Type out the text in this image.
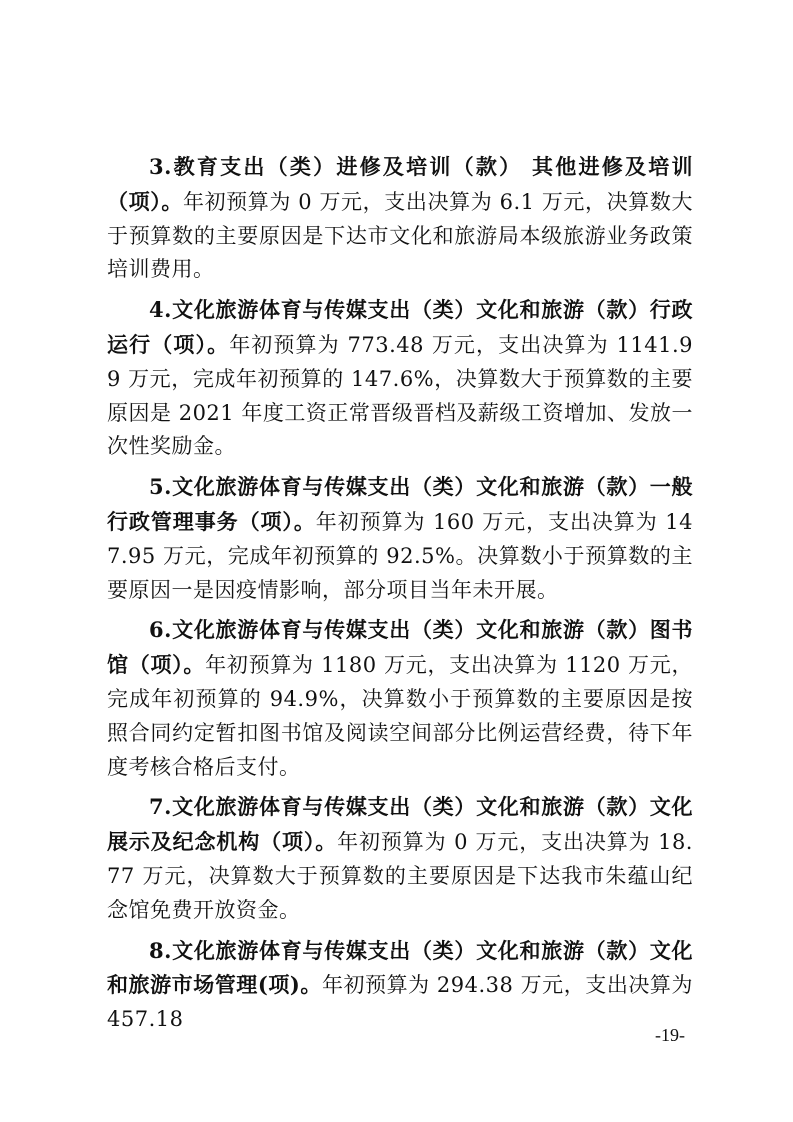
3.教育支出（类）进修及培训（款） 其他进修及培训（项）。年初预算为 0 万元，支出决算为 6.1 万元，决算数大于预算数的主要原因是下达市文化和旅游局本级旅游业务政策培训费用。

4.文化旅游体育与传媒支出（类）文化和旅游（款）行政运行（项）。年初预算为 773.48 万元，支出决算为 1141.99 万元，完成年初预算的 147.6%，决算数大于预算数的主要原因是 2021 年度工资正常晋级晋档及薪级工资增加、发放一次性奖励金。

5.文化旅游体育与传媒支出（类）文化和旅游（款）一般行政管理事务（项）。年初预算为 160 万元，支出决算为 147.95 万元，完成年初预算的 92.5%。决算数小于预算数的主要原因一是因疫情影响，部分项目当年未开展。

6.文化旅游体育与传媒支出（类）文化和旅游（款）图书馆（项）。年初预算为 1180 万元，支出决算为 1120 万元，完成年初预算的 94.9%，决算数小于预算数的主要原因是按照合同约定暂扣图书馆及阅读空间部分比例运营经费，待下年度考核合格后支付。

7.文化旅游体育与传媒支出（类）文化和旅游（款）文化展示及纪念机构（项）。年初预算为 0 万元，支出决算为 18.77 万元，决算数大于预算数的主要原因是下达我市朱蕴山纪念馆免费开放资金。

8.文化旅游体育与传媒支出（类）文化和旅游（款）文化和旅游市场管理(项)。年初预算为 294.38 万元，支出决算为 457.18

-19-
